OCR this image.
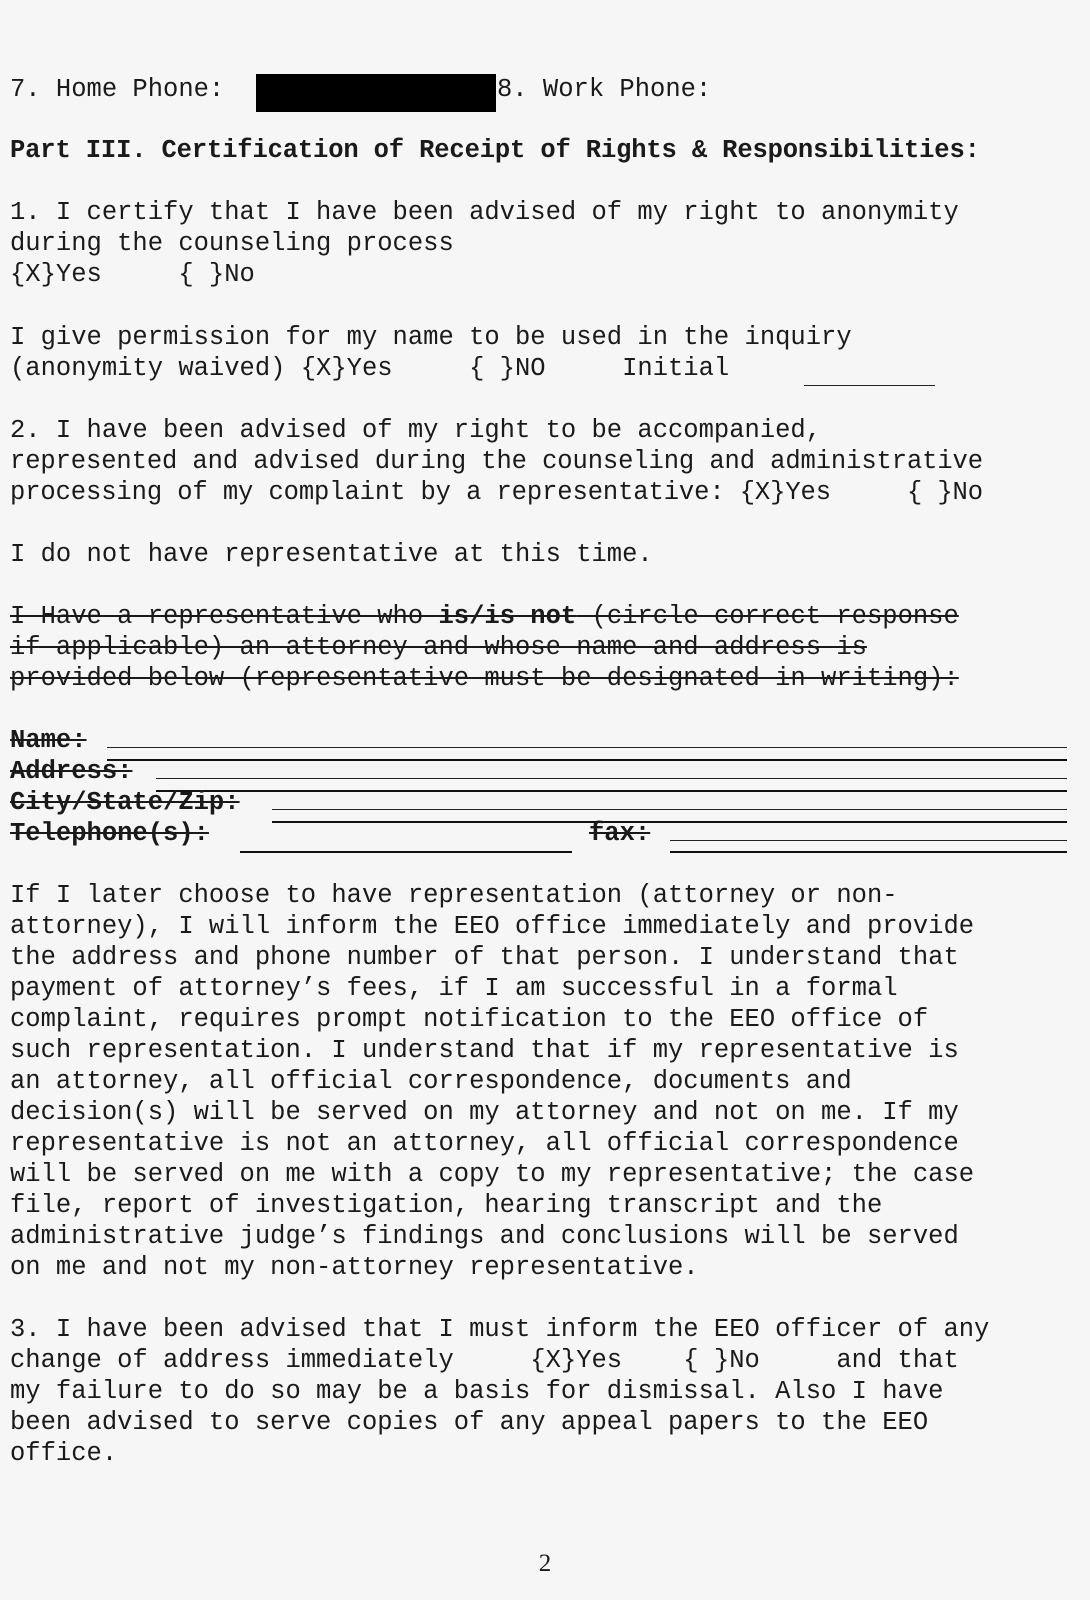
7. Home Phone:	8. Work Phone:
Part III. Certification of Receipt of Rights & Responsibilities:
1. I certify that I have been advised of my right to anonymity
during the counseling process
{X}Yes     { }No
I give permission for my name to be used in the inquiry
(anonymity waived) {X}Yes     { }NO     Initial
2. I have been advised of my right to be accompanied,
represented and advised during the counseling and administrative
processing of my complaint by a representative: {X}Yes     { }No
I do not have representative at this time.
I Have a representative who is/is not (circle correct response
if applicable) an attorney and whose name and address is
provided below (representative must be designated in writing):
Name:
Address:
City/State/Zip:
Telephone(s):	fax:
If I later choose to have representation (attorney or non-
attorney), I will inform the EEO office immediately and provide
the address and phone number of that person. I understand that
payment of attorney’s fees, if I am successful in a formal
complaint, requires prompt notification to the EEO office of
such representation. I understand that if my representative is
an attorney, all official correspondence, documents and
decision(s) will be served on my attorney and not on me. If my
representative is not an attorney, all official correspondence
will be served on me with a copy to my representative; the case
file, report of investigation, hearing transcript and the
administrative judge’s findings and conclusions will be served
on me and not my non-attorney representative.
3. I have been advised that I must inform the EEO officer of any
change of address immediately     {X}Yes    { }No     and that
my failure to do so may be a basis for dismissal. Also I have
been advised to serve copies of any appeal papers to the EEO
office.
2
